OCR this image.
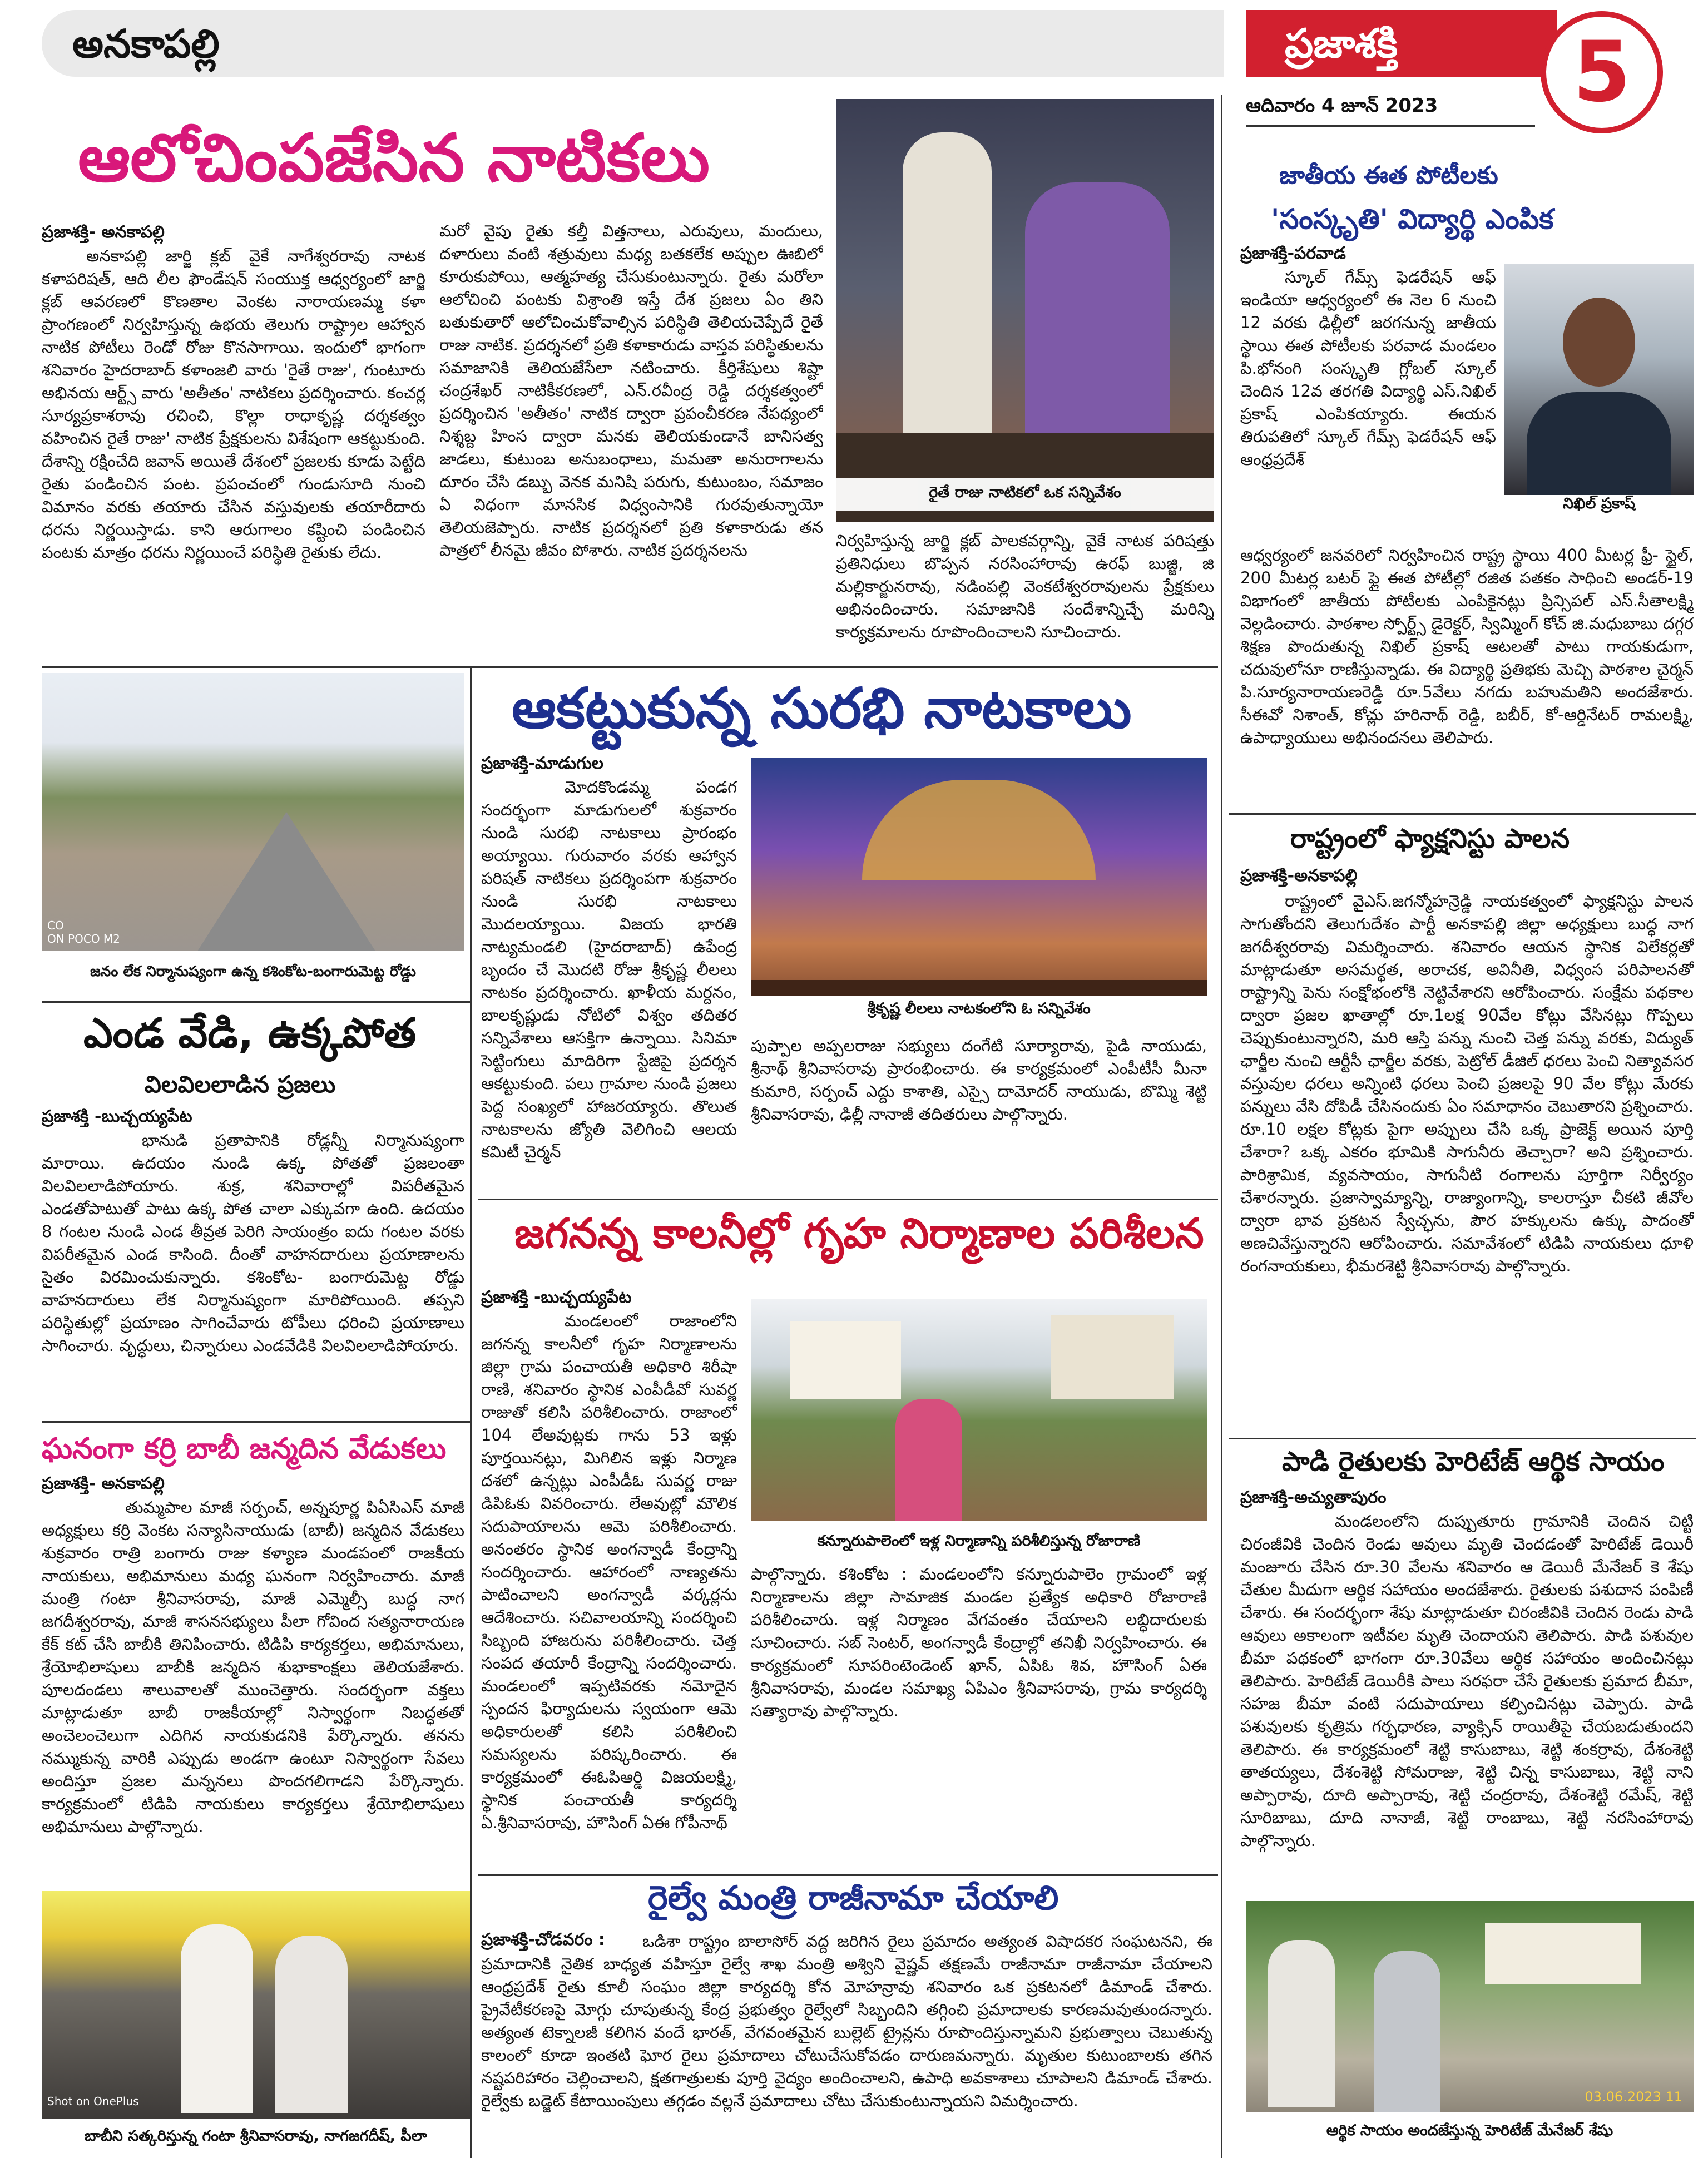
అనకాపల్లి	ప్రజాశక్తి	5
ఆదివారం 4 జూన్ 2023
ఆలోచింపజేసిన నాటికలు
ప్రజాశక్తి- అనకాపల్లి
అనకాపల్లి జార్జి క్లబ్ వైకే నాగేశ్వరరావు నాటక కళాపరిషత్, ఆది లీల ఫౌండేషన్ సంయుక్త ఆధ్వర్యంలో జార్జి క్లబ్ ఆవరణలో కొణతాల వెంకట నారాయణమ్మ కళా ప్రాంగణంలో నిర్వహిస్తున్న ఉభయ తెలుగు రాష్ట్రాల ఆహ్వాన నాటిక పోటీలు రెండో రోజు కొనసాగాయి. ఇందులో భాగంగా శనివారం హైదరాబాద్ కళాంజలి వారు 'రైతే రాజు', గుంటూరు అభినయ ఆర్ట్స్ వారు 'అతీతం' నాటికలు ప్రదర్శించారు. కంచర్ల సూర్యప్రకాశరావు రచించి, కొల్లా రాధాకృష్ణ దర్శకత్వం వహించిన రైతే రాజు' నాటిక ప్రేక్షకులను విశేషంగా ఆకట్టుకుంది. దేశాన్ని రక్షించేది జవాన్ అయితే దేశంలో ప్రజలకు కూడు పెట్టేది రైతు పండించిన పంట. ప్రపంచంలో గుండుసూది నుంచి విమానం వరకు తయారు చేసిన వస్తువులకు తయారీదారు ధరను నిర్ణయిస్తాడు. కాని ఆరుగాలం కష్టించి పండించిన పంటకు మాత్రం ధరను నిర్ణయించే పరిస్థితి రైతుకు లేదు.
మరో వైపు రైతు కల్తీ విత్తనాలు, ఎరువులు, మందులు, దళారులు వంటి శత్రువులు మధ్య బతకలేక అప్పుల ఊబిలో కూరుకుపోయి, ఆత్మహత్య చేసుకుంటున్నారు. రైతు మరోలా ఆలోచించి పంటకు విశ్రాంతి ఇస్తే దేశ ప్రజలు ఏం తిని బతుకుతారో ఆలోచించుకోవాల్సిన పరిస్థితి తెలియచెప్పేదే రైతే రాజు నాటిక. ప్రదర్శనలో ప్రతి కళాకారుడు వాస్తవ పరిస్థితులను సమాజానికి తెలియజేసేలా నటించారు. కీర్తిశేషులు శిష్టా చంద్రశేఖర్ నాటికీకరణలో, ఎన్.రవీంద్ర రెడ్డి దర్శకత్వంలో ప్రదర్శించిన 'అతీతం' నాటిక ద్వారా ప్రపంచీకరణ నేపథ్యంలో నిశ్శబ్ద హింస ద్వారా మనకు తెలియకుండానే బానిసత్వ జాడలు, కుటుంబ అనుబంధాలు, మమతా అనురాగాలను దూరం చేసి డబ్బు వెనక మనిషి పరుగు, కుటుంబం, సమాజం ఏ విధంగా మానసిక విధ్వంసానికి గురవుతున్నాయో తెలియజెప్పారు. నాటిక ప్రదర్శనలో ప్రతి కళాకారుడు తన పాత్రలో లీనమై జీవం పోశారు. నాటిక ప్రదర్శనలను
రైతే రాజు నాటికలో ఒక సన్నివేశం
నిర్వహిస్తున్న జార్జి క్లబ్ పాలకవర్గాన్ని, వైకే నాటక పరిషత్తు ప్రతినిధులు బొప్పన నరసింహారావు ఉరఫ్ బుజ్జి, జి మల్లికార్జునరావు, నడింపల్లి వెంకటేశ్వరరావులను ప్రేక్షకులు అభినందించారు. సమాజానికి సందేశాన్నిచ్చే మరిన్ని కార్యక్రమాలను రూపొందించాలని సూచించారు.
జాతీయ ఈత పోటీలకు
'సంస్కృతి' విద్యార్థి ఎంపిక
ప్రజాశక్తి-పరవాడ
స్కూల్ గేమ్స్ ఫెడరేషన్ ఆఫ్ ఇండియా ఆధ్వర్యంలో ఈ నెల 6 నుంచి 12 వరకు ఢిల్లీలో జరగనున్న జాతీయ స్థాయి ఈత పోటీలకు పరవాడ మండలం పి.భోనంగి సంస్కృతి గ్లోబల్ స్కూల్ చెందిన 12వ తరగతి విద్యార్థి ఎస్.నిఖిల్ ప్రకాష్ ఎంపికయ్యారు. ఈయన తిరుపతిలో స్కూల్ గేమ్స్ ఫెడరేషన్ ఆఫ్ ఆంధ్రప్రదేశ్
నిఖిల్ ప్రకాష్
ఆధ్వర్యంలో జనవరిలో నిర్వహించిన రాష్ట్ర స్థాయి 400 మీటర్ల ఫ్రీ- స్టైల్, 200 మీటర్ల బటర్ ఫ్లై ఈత పోటీల్లో రజిత పతకం సాధించి అండర్-19 విభాగంలో జాతీయ పోటీలకు ఎంపికైనట్లు ప్రిన్సిపల్ ఎస్.సీతాలక్ష్మి వెల్లడించారు. పాఠశాల స్పోర్ట్స్ డైరెక్టర్, స్విమ్మింగ్ కోచ్ జి.మధుబాబు దగ్గర శిక్షణ పొందుతున్న నిఖిల్ ప్రకాష్ ఆటలతో పాటు గాయకుడుగా, చదువులోనూ రాణిస్తున్నాడు. ఈ విద్యార్థి ప్రతిభకు మెచ్చి పాఠశాల చైర్మన్ పి.సూర్యనారాయణరెడ్డి రూ.5వేలు నగదు బహుమతిని అందజేశారు. సీఈవో నిశాంత్, కోచ్లు హరినాథ్ రెడ్డి, బబీర్, కో-ఆర్డినేటర్ రామలక్ష్మి, ఉపాధ్యాయులు అభినందనలు తెలిపారు.
రాష్ట్రంలో ఫ్యాక్షనిస్టు పాలన
ప్రజాశక్తి-అనకాపల్లి
రాష్ట్రంలో వైఎస్.జగన్మోహన్రెడ్డి నాయకత్వంలో ఫ్యాక్షనిస్టు పాలన సాగుతోందని తెలుగుదేశం పార్టీ అనకాపల్లి జిల్లా అధ్యక్షులు బుద్ధ నాగ జగదీశ్వరరావు విమర్శించారు. శనివారం ఆయన స్థానిక విలేకర్లతో మాట్లాడుతూ అసమర్థత, అరాచక, అవినీతి, విధ్వంస పరిపాలనతో రాష్ట్రాన్ని పెను సంక్షోభంలోకి నెట్టివేశారని ఆరోపించారు. సంక్షేమ పథకాల ద్వారా ప్రజల ఖాతాల్లో రూ.1లక్ష 90వేల కోట్లు వేసినట్లు గొప్పలు చెప్పుకుంటున్నారని, మరి ఆస్తి పన్ను నుంచి చెత్త పన్ను వరకు, విద్యుత్ ఛార్జీల నుంచి ఆర్టీసీ ఛార్జీల వరకు, పెట్రోల్ డీజిల్ ధరలు పెంచి నిత్యావసర వస్తువుల ధరలు అన్నింటి ధరలు పెంచి ప్రజలపై 90 వేల కోట్లు మేరకు పన్నులు వేసి దోపిడీ చేసినందుకు ఏం సమాధానం చెబుతారని ప్రశ్నించారు. రూ.10 లక్షల కోట్లకు పైగా అప్పులు చేసి ఒక్క ప్రాజెక్ట్ అయిన పూర్తి చేశారా? ఒక్క ఎకరం భూమికి సాగునీరు తెచ్చారా? అని ప్రశ్నించారు. పారిశ్రామిక, వ్యవసాయం, సాగునీటి రంగాలను పూర్తిగా నిర్వీర్యం చేశారన్నారు. ప్రజాస్వామ్యాన్ని, రాజ్యాంగాన్ని, కాలరాస్తూ చీకటి జీవోల ద్వారా భావ ప్రకటన స్వేచ్ఛను, పౌర హక్కులను ఉక్కు పాదంతో అణచివేస్తున్నారని ఆరోపించారు. సమావేశంలో టిడిపి నాయకులు ధూళి రంగనాయకులు, భీమరశెట్టి శ్రీనివాసరావు పాల్గొన్నారు.
పాడి రైతులకు హెరిటేజ్ ఆర్థిక సాయం
ప్రజాశక్తి-అచ్యుతాపురం
మండలంలోని దుప్పుతూరు గ్రామానికి చెందిన చిట్టి చిరంజీవికి చెందిన రెండు ఆవులు మృతి చెందడంతో హెరిటేజ్ డెయిరీ మంజూరు చేసిన రూ.30 వేలను శనివారం ఆ డెయిరీ మేనేజర్ కె శేషు చేతుల మీదుగా ఆర్థిక సహాయం అందజేశారు. రైతులకు పశుదాన పంపిణీ చేశారు. ఈ సందర్భంగా శేషు మాట్లాడుతూ చిరంజీవికి చెందిన రెండు పాడి ఆవులు అకాలంగా ఇటీవల మృతి చెందాయని తెలిపారు. పాడి పశువుల బీమా పథకంలో భాగంగా రూ.30వేలు ఆర్థిక సహాయం అందించినట్లు తెలిపారు. హెరిటేజ్ డెయిరీకి పాలు సరఫరా చేసే రైతులకు ప్రమాద బీమా, సహజ బీమా వంటి సదుపాయాలు కల్పించినట్లు చెప్పారు. పాడి పశువులకు కృత్రిమ గర్భధారణ, వ్యాక్సిన్ రాయితీపై చేయబడుతుందని తెలిపారు. ఈ కార్యక్రమంలో శెట్టి కాసుబాబు, శెట్టి శంకర్రావు, దేశంశెట్టి తాతయ్యలు, దేశంశెట్టి సోమరాజు, శెట్టి చిన్న కాసుబాబు, శెట్టి నాని అప్పారావు, దూది అప్పారావు, శెట్టి చంద్రరావు, దేశంశెట్టి రమేష్, శెట్టి సూరిబాబు, దూది నానాజీ, శెట్టి రాంబాబు, శెట్టి నరసింహారావు పాల్గొన్నారు.
03.06.2023 11
ఆర్థిక సాయం అందజేస్తున్న హెరిటేజ్ మేనేజర్ శేషు
CO
ON POCO M2
జనం లేక నిర్మానుష్యంగా ఉన్న కశింకోట-బంగారుమెట్ట రోడ్డు
ఎండ వేడి, ఉక్కపోత
విలవిలలాడిన ప్రజలు
ప్రజాశక్తి -బుచ్చయ్యపేట
భానుడి ప్రతాపానికి రోడ్లన్నీ నిర్మానుష్యంగా మారాయి. ఉదయం నుండి ఉక్క పోతతో ప్రజలంతా విలవిలలాడిపోయారు. శుక్ర, శనివారాల్లో విపరీతమైన ఎండతోపాటుతో పాటు ఉక్క పోత చాలా ఎక్కువగా ఉంది. ఉదయం 8 గంటల నుండి ఎండ తీవ్రత పెరిగి సాయంత్రం ఐదు గంటల వరకు విపరీతమైన ఎండ కాసింది. దీంతో వాహనదారులు ప్రయాణాలను సైతం విరమించుకున్నారు. కశింకోట- బంగారుమెట్ట రోడ్డు వాహనదారులు లేక నిర్మానుష్యంగా మారిపోయింది. తప్పని పరిస్థితుల్లో ప్రయాణం సాగించేవారు టోపీలు ధరించి ప్రయాణాలు సాగించారు. వృద్ధులు, చిన్నారులు ఎండవేడికి విలవిలలాడిపోయారు.
ఘనంగా కర్రి బాబీ జన్మదిన వేడుకలు
ప్రజాశక్తి- అనకాపల్లి
తుమ్మపాల మాజీ సర్పంచ్, అన్నపూర్ణ పిఏసిఎస్ మాజీ అధ్యక్షులు కర్రి వెంకట సన్యాసినాయుడు (బాబీ) జన్మదిన వేడుకలు శుక్రవారం రాత్రి బంగారు రాజు కళ్యాణ మండపంలో రాజకీయ నాయకులు, అభిమానులు మధ్య ఘనంగా నిర్వహించారు. మాజీ మంత్రి గంటా శ్రీనివాసరావు, మాజీ ఎమ్మెల్సీ బుద్ధ నాగ జగదీశ్వరరావు, మాజీ శాసనసభ్యులు పీలా గోవింద సత్యనారాయణ కేక్ కట్ చేసి బాబీకి తినిపించారు. టిడిపి కార్యకర్తలు, అభిమానులు, శ్రేయోభిలాషులు బాబీకి జన్మదిన శుభాకాంక్షలు తెలియజేశారు. పూలదండలు శాలువాలతో ముంచెత్తారు. సందర్భంగా వక్తలు మాట్లాడుతూ బాబీ రాజకీయాల్లో నిస్వార్థంగా నిబద్ధతతో అంచెలంచెలుగా ఎదిగిన నాయకుడనికి పేర్కొన్నారు. తనను నమ్ముకున్న వారికి ఎప్పుడు అండగా ఉంటూ నిస్వార్థంగా సేవలు అందిస్తూ ప్రజల మన్ననలు పొందగలిగాడని పేర్కొన్నారు. కార్యక్రమంలో టిడిపి నాయకులు కార్యకర్తలు శ్రేయోభిలాషులు అభిమానులు పాల్గొన్నారు.
Shot on OnePlus
బాబీని సత్కరిస్తున్న గంటా శ్రీనివాసరావు, నాగజగదీష్, పీలా
ఆకట్టుకున్న సురభి నాటకాలు
ప్రజాశక్తి-మాడుగుల
మోదకొండమ్మ పండగ సందర్భంగా మాడుగులలో శుక్రవారం నుండి సురభి నాటకాలు ప్రారంభం అయ్యాయి. గురువారం వరకు ఆహ్వాన పరిషత్ నాటికలు ప్రదర్శింపగా శుక్రవారం నుండి సురభి నాటకాలు మొదలయ్యాయి. విజయ భారతి నాట్యమండలి (హైదరాబాద్) ఉపేంద్ర బృందం చే మొదటి రోజు శ్రీకృష్ణ లీలలు నాటకం ప్రదర్శించారు. ఖాళీయ మర్దనం, బాలకృష్ణుడు నోటిలో విశ్వం తదితర సన్నివేశాలు ఆసక్తిగా ఉన్నాయి. సినిమా సెట్టింగులు మాదిరిగా స్టేజిపై ప్రదర్శన ఆకట్టుకుంది. పలు గ్రామాల నుండి ప్రజలు పెద్ద సంఖ్యలో హాజరయ్యారు. తొలుత నాటకాలను జ్యోతి వెలిగించి ఆలయ కమిటీ చైర్మన్
శ్రీకృష్ణ లీలలు నాటకంలోని ఓ సన్నివేశం
పుప్పాల అప్పలరాజు సభ్యులు దంగేటి సూర్యారావు, పైడి నాయుడు, శ్రీనాథ్ శ్రీనివాసరావు ప్రారంభించారు. ఈ కార్యక్రమంలో ఎంపీటీసీ మీనా కుమారి, సర్పంచ్ ఎద్దు కాశాతి, ఎస్సై దామోదర్ నాయుడు, బొమ్మి శెట్టి శ్రీనివాసరావు, ఢిల్లీ నానాజీ తదితరులు పాల్గొన్నారు.
జగనన్న కాలనీల్లో గృహ నిర్మాణాల పరిశీలన
ప్రజాశక్తి -బుచ్చయ్యపేట
మండలంలో రాజాంలోని జగనన్న కాలనీలో గృహ నిర్మాణాలను జిల్లా గ్రామ పంచాయతీ అధికారి శిరీషా రాణి, శనివారం స్థానిక ఎంపీడీవో సువర్ణ రాజుతో కలిసి పరిశీలించారు. రాజాంలో 104 లేఅవుట్లకు గాను 53 ఇళ్లు పూర్తయినట్లు, మిగిలిన ఇళ్లు నిర్మాణ దశలో ఉన్నట్లు ఎంపీడీఓ సువర్ణ రాజు డిపిఓకు వివరించారు. లేఅవుట్లో మౌలిక సదుపాయాలను ఆమె పరిశీలించారు. అనంతరం స్థానిక అంగన్వాడీ కేంద్రాన్ని సందర్శించారు. ఆహారంలో నాణ్యతను పాటించాలని అంగన్వాడీ వర్కర్లను ఆదేశించారు. సచివాలయాన్ని సందర్శించి సిబ్బంది హాజరును పరిశీలించారు. చెత్త సంపద తయారీ కేంద్రాన్ని సందర్శించారు. మండలంలో ఇప్పటివరకు నమోదైన స్పందన ఫిర్యాదులను స్వయంగా ఆమె అధికారులతో కలిసి పరిశీలించి సమస్యలను పరిష్కరించారు. ఈ కార్యక్రమంలో ఈఓపిఆర్డి విజయలక్ష్మి, స్థానిక పంచాయతీ కార్యదర్శి ఏ.శ్రీనివాసరావు, హౌసింగ్ ఏఈ గోపీనాథ్
కన్నూరుపాలెంలో ఇళ్ల నిర్మాణాన్ని పరిశీలిస్తున్న రోజారాణి
పాల్గొన్నారు. కశింకోట : మండలంలోని కన్నూరుపాలెం గ్రామంలో ఇళ్ల నిర్మాణాలను జిల్లా సామాజిక మండల ప్రత్యేక అధికారి రోజారాణి పరిశీలించారు. ఇళ్ల నిర్మాణం వేగవంతం చేయాలని లబ్ధిదారులకు సూచించారు. సబ్ సెంటర్, అంగన్వాడీ కేంద్రాల్లో తనిఖీ నిర్వహించారు. ఈ కార్యక్రమంలో సూపరింటెండెంట్ ఖాన్, ఏపిఓ శివ, హౌసింగ్ ఏఈ శ్రీనివాసరావు, మండల సమాఖ్య ఏపిఎం శ్రీనివాసరావు, గ్రామ కార్యదర్శి సత్యారావు పాల్గొన్నారు.
రైల్వే మంత్రి రాజీనామా చేయాలి
ప్రజాశక్తి-చోడవరం :	ఒడిశా రాష్ట్రం బాలాసోర్ వద్ద జరిగిన రైలు ప్రమాదం అత్యంత విషాదకర సంఘటనని, ఈ ప్రమాదానికి నైతిక బాధ్యత వహిస్తూ రైల్వే శాఖ మంత్రి అశ్విని వైష్ణవ్ తక్షణమే రాజీనామా రాజీనామా చేయాలని ఆంధ్రప్రదేశ్ రైతు కూలీ సంఘం జిల్లా కార్యదర్శి కోన మోహన్రావు శనివారం ఒక ప్రకటనలో డిమాండ్ చేశారు. ప్రైవేటీకరణపై మోగ్గు చూపుతున్న కేంద్ర ప్రభుత్వం రైల్వేలో సిబ్బందిని తగ్గించి ప్రమాదాలకు కారణమవుతుందన్నారు. అత్యంత టెక్నాలజీ కలిగిన వందే భారత్, వేగవంతమైన బుల్లెట్ ట్రైన్లను రూపొందిస్తున్నామని ప్రభుత్వాలు చెబుతున్న కాలంలో కూడా ఇంతటి ఘోర రైలు ప్రమాదాలు చోటుచేసుకోవడం దారుణమన్నారు. మృతుల కుటుంబాలకు తగిన నష్టపరిహారం చెల్లించాలని, క్షతగాత్రులకు పూర్తి వైద్యం అందించాలని, ఉపాధి అవకాశాలు చూపాలని డిమాండ్ చేశారు. రైల్వేకు బడ్జెట్ కేటాయింపులు తగ్గడం వల్లనే ప్రమాదాలు చోటు చేసుకుంటున్నాయని విమర్శించారు.
